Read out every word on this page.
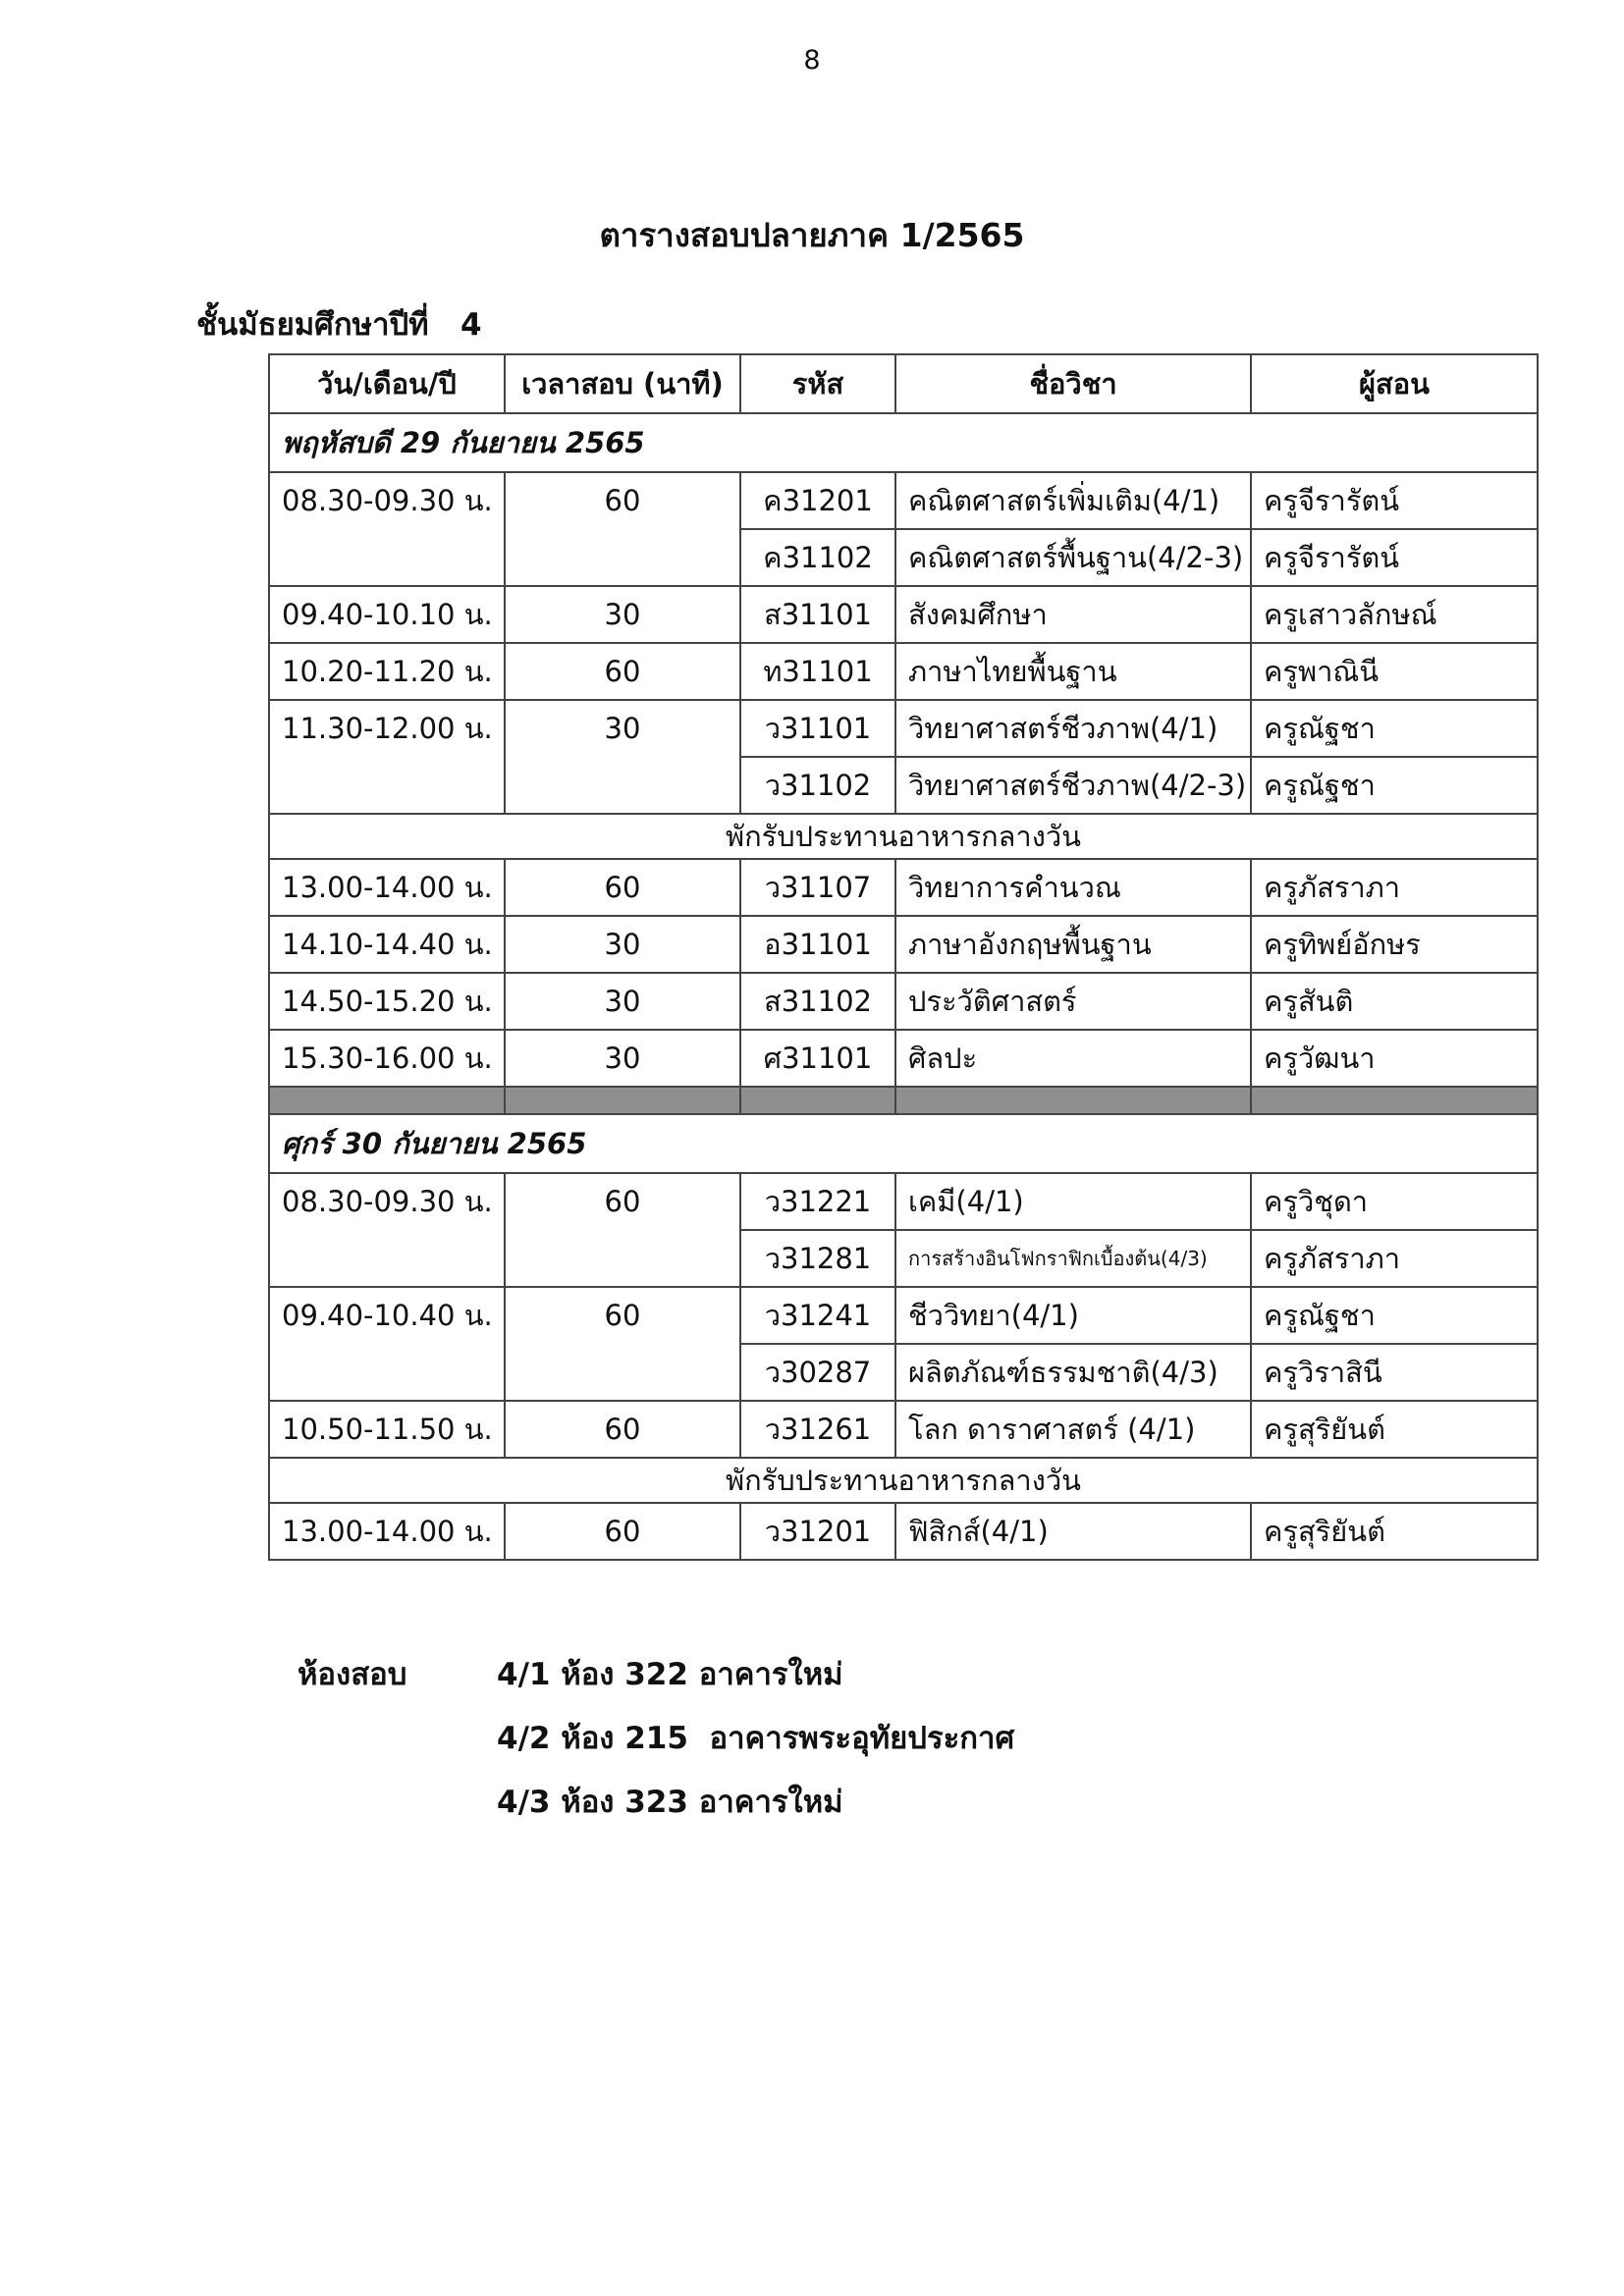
8
ตารางสอบปลายภาค 1/2565
ชั้นมัธยมศึกษาปีที่   4
วัน/เดือน/ปี	เวลาสอบ (นาที)	รหัส	ชื่อวิชา	ผู้สอน
พฤหัสบดี 29 กันยายน 2565				
08.30-09.30 น.	60	ค31201	คณิตศาสตร์เพิ่มเติม(4/1)	ครูจีรารัตน์
		ค31102	คณิตศาสตร์พื้นฐาน(4/2-3)	ครูจีรารัตน์
09.40-10.10 น.	30	ส31101	สังคมศึกษา	ครูเสาวลักษณ์
10.20-11.20 น.	60	ท31101	ภาษาไทยพื้นฐาน	ครูพาณินี
11.30-12.00 น.	30	ว31101	วิทยาศาสตร์ชีวภาพ(4/1)	ครูณัฐชา
		ว31102	วิทยาศาสตร์ชีวภาพ(4/2-3)	ครูณัฐชา
พักรับประทานอาหารกลางวัน				
13.00-14.00 น.	60	ว31107	วิทยาการคำนวณ	ครูภัสราภา
14.10-14.40 น.	30	อ31101	ภาษาอังกฤษพื้นฐาน	ครูทิพย์อักษร
14.50-15.20 น.	30	ส31102	ประวัติศาสตร์	ครูสันติ
15.30-16.00 น.	30	ศ31101	ศิลปะ	ครูวัฒนา

ศุกร์ 30 กันยายน 2565				
08.30-09.30 น.	60	ว31221	เคมี(4/1)	ครูวิชุดา
		ว31281	การสร้างอินโฟกราฟิกเบื้องต้น(4/3)	ครูภัสราภา
09.40-10.40 น.	60	ว31241	ชีววิทยา(4/1)	ครูณัฐชา
		ว30287	ผลิตภัณฑ์ธรรมชาติ(4/3)	ครูวิราสินี
10.50-11.50 น.	60	ว31261	โลก ดาราศาสตร์ (4/1)	ครูสุริยันต์
พักรับประทานอาหารกลางวัน				
13.00-14.00 น.	60	ว31201	ฟิสิกส์(4/1)	ครูสุริยันต์
ห้องสอบ	4/1 ห้อง 322 อาคารใหม่
4/2 ห้อง 215  อาคารพระอุทัยประกาศ
4/3 ห้อง 323 อาคารใหม่
